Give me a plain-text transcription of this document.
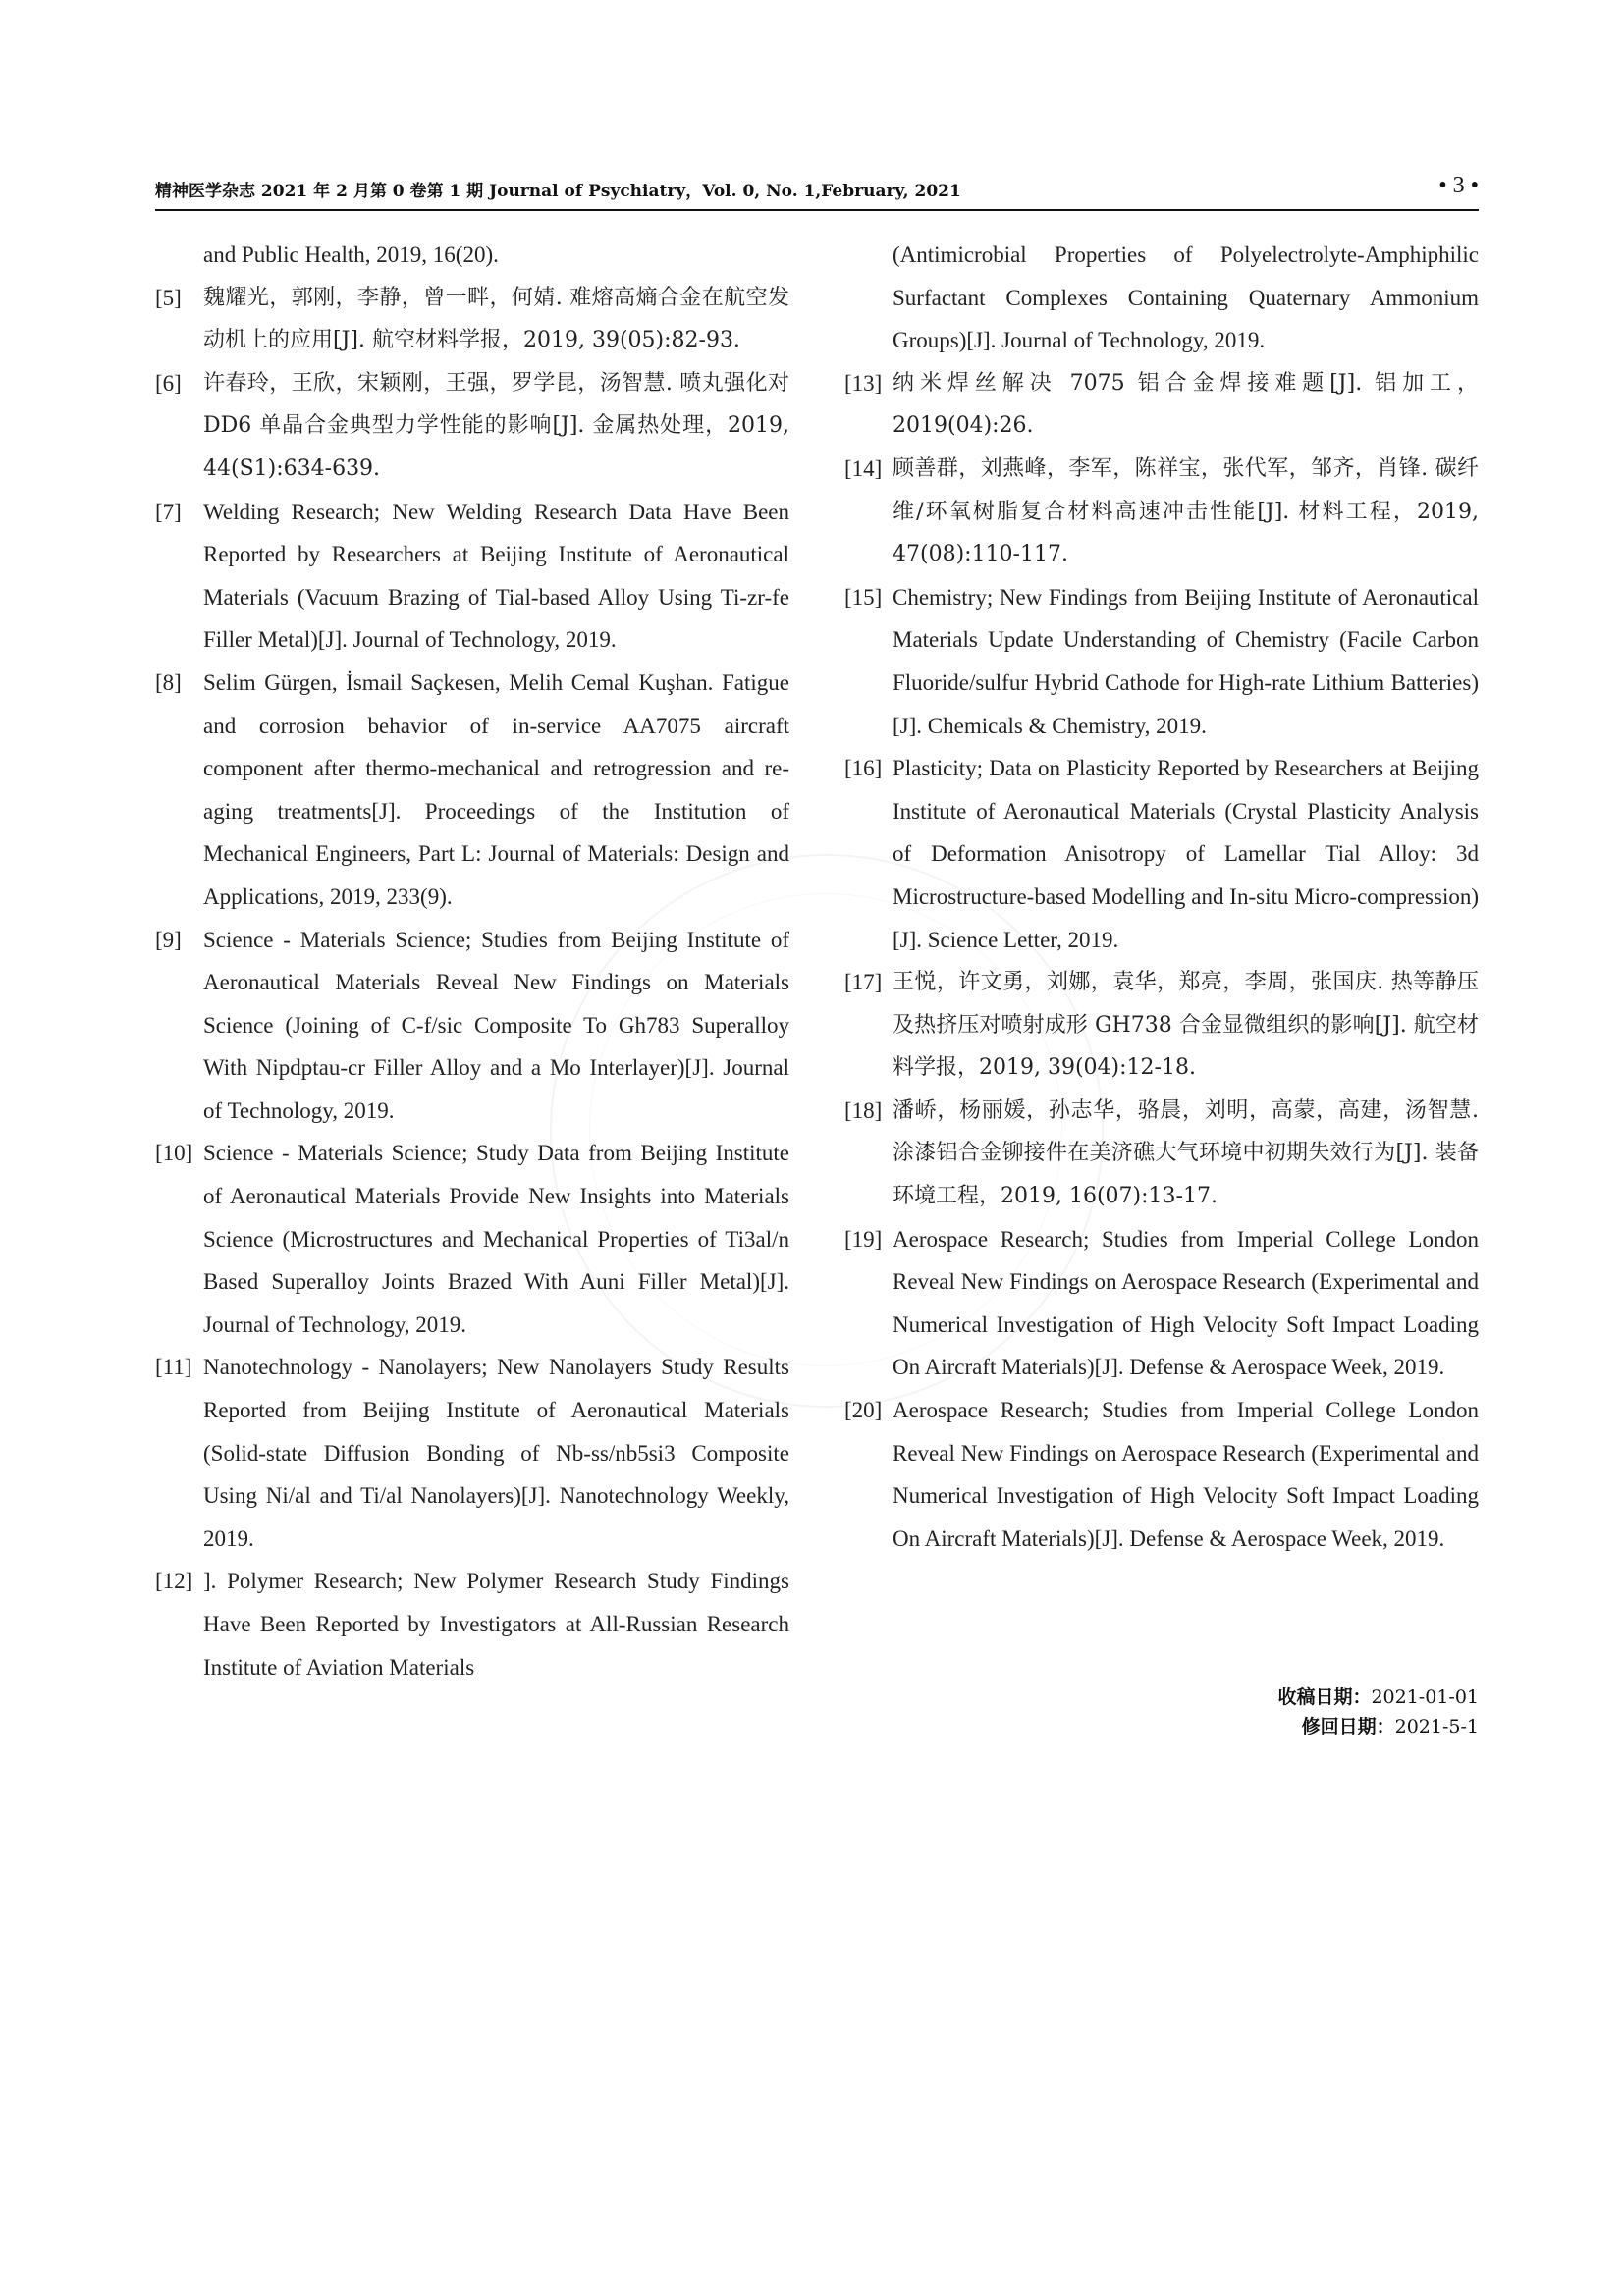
精神医学杂志 2021 年 2 月第 0 卷第 1 期 Journal of Psychiatry，Vol. 0, No. 1,February, 2021	• 3 •
and Public Health, 2019, 16(20).
[5] 魏耀光，郭刚，李静，曾一畔，何婧. 难熔高熵合金在航空发动机上的应用[J]. 航空材料学报，2019, 39(05):82-93.
[6] 许春玲，王欣，宋颖刚，王强，罗学昆，汤智慧. 喷丸强化对 DD6 单晶合金典型力学性能的影响[J]. 金属热处理，2019, 44(S1):634-639.
[7] Welding Research; New Welding Research Data Have Been Reported by Researchers at Beijing Institute of Aeronautical Materials (Vacuum Brazing of Tial-based Alloy Using Ti-zr-fe Filler Metal)[J]. Journal of Technology, 2019.
[8] Selim Gürgen, İsmail Saçkesen, Melih Cemal Kuşhan. Fatigue and corrosion behavior of in-service AA7075 aircraft component after thermo-mechanical and retrogression and re-aging treatments[J]. Proceedings of the Institution of Mechanical Engineers, Part L: Journal of Materials: Design and Applications, 2019, 233(9).
[9] Science - Materials Science; Studies from Beijing Institute of Aeronautical Materials Reveal New Findings on Materials Science (Joining of C-f/sic Composite To Gh783 Superalloy With Nipdptau-cr Filler Alloy and a Mo Interlayer)[J]. Journal of Technology, 2019.
[10] Science - Materials Science; Study Data from Beijing Institute of Aeronautical Materials Provide New Insights into Materials Science (Microstructures and Mechanical Properties of Ti3al/n Based Superalloy Joints Brazed With Auni Filler Metal)[J]. Journal of Technology, 2019.
[11] Nanotechnology - Nanolayers; New Nanolayers Study Results Reported from Beijing Institute of Aeronautical Materials (Solid-state Diffusion Bonding of Nb-ss/nb5si3 Composite Using Ni/al and Ti/al Nanolayers)[J]. Nanotechnology Weekly, 2019.
[12] ]. Polymer Research; New Polymer Research Study Findings Have Been Reported by Investigators at All-Russian Research Institute of Aviation Materials
(Antimicrobial Properties of Polyelectrolyte-Amphiphilic Surfactant Complexes Containing Quaternary Ammonium Groups)[J]. Journal of Technology, 2019.
[13] 纳米焊丝解决 7075 铝合金焊接难题[J]. 铝加工，2019(04):26.
[14] 顾善群，刘燕峰，李军，陈祥宝，张代军，邹齐，肖锋. 碳纤维/环氧树脂复合材料高速冲击性能[J]. 材料工程，2019, 47(08):110-117.
[15] Chemistry; New Findings from Beijing Institute of Aeronautical Materials Update Understanding of Chemistry (Facile Carbon Fluoride/sulfur Hybrid Cathode for High-rate Lithium Batteries)[J]. Chemicals & Chemistry, 2019.
[16] Plasticity; Data on Plasticity Reported by Researchers at Beijing Institute of Aeronautical Materials (Crystal Plasticity Analysis of Deformation Anisotropy of Lamellar Tial Alloy: 3d Microstructure-based Modelling and In-situ Micro-compression)[J]. Science Letter, 2019.
[17] 王悦，许文勇，刘娜，袁华，郑亮，李周，张国庆. 热等静压及热挤压对喷射成形 GH738 合金显微组织的影响[J]. 航空材料学报，2019, 39(04):12-18.
[18] 潘峤，杨丽媛，孙志华，骆晨，刘明，高蒙，高建，汤智慧. 涂漆铝合金铆接件在美济礁大气环境中初期失效行为[J]. 装备环境工程，2019, 16(07):13-17.
[19] Aerospace Research; Studies from Imperial College London Reveal New Findings on Aerospace Research (Experimental and Numerical Investigation of High Velocity Soft Impact Loading On Aircraft Materials)[J]. Defense & Aerospace Week, 2019.
[20] Aerospace Research; Studies from Imperial College London Reveal New Findings on Aerospace Research (Experimental and Numerical Investigation of High Velocity Soft Impact Loading On Aircraft Materials)[J]. Defense & Aerospace Week, 2019.
收稿日期：2021-01-01
修回日期：2021-5-1
